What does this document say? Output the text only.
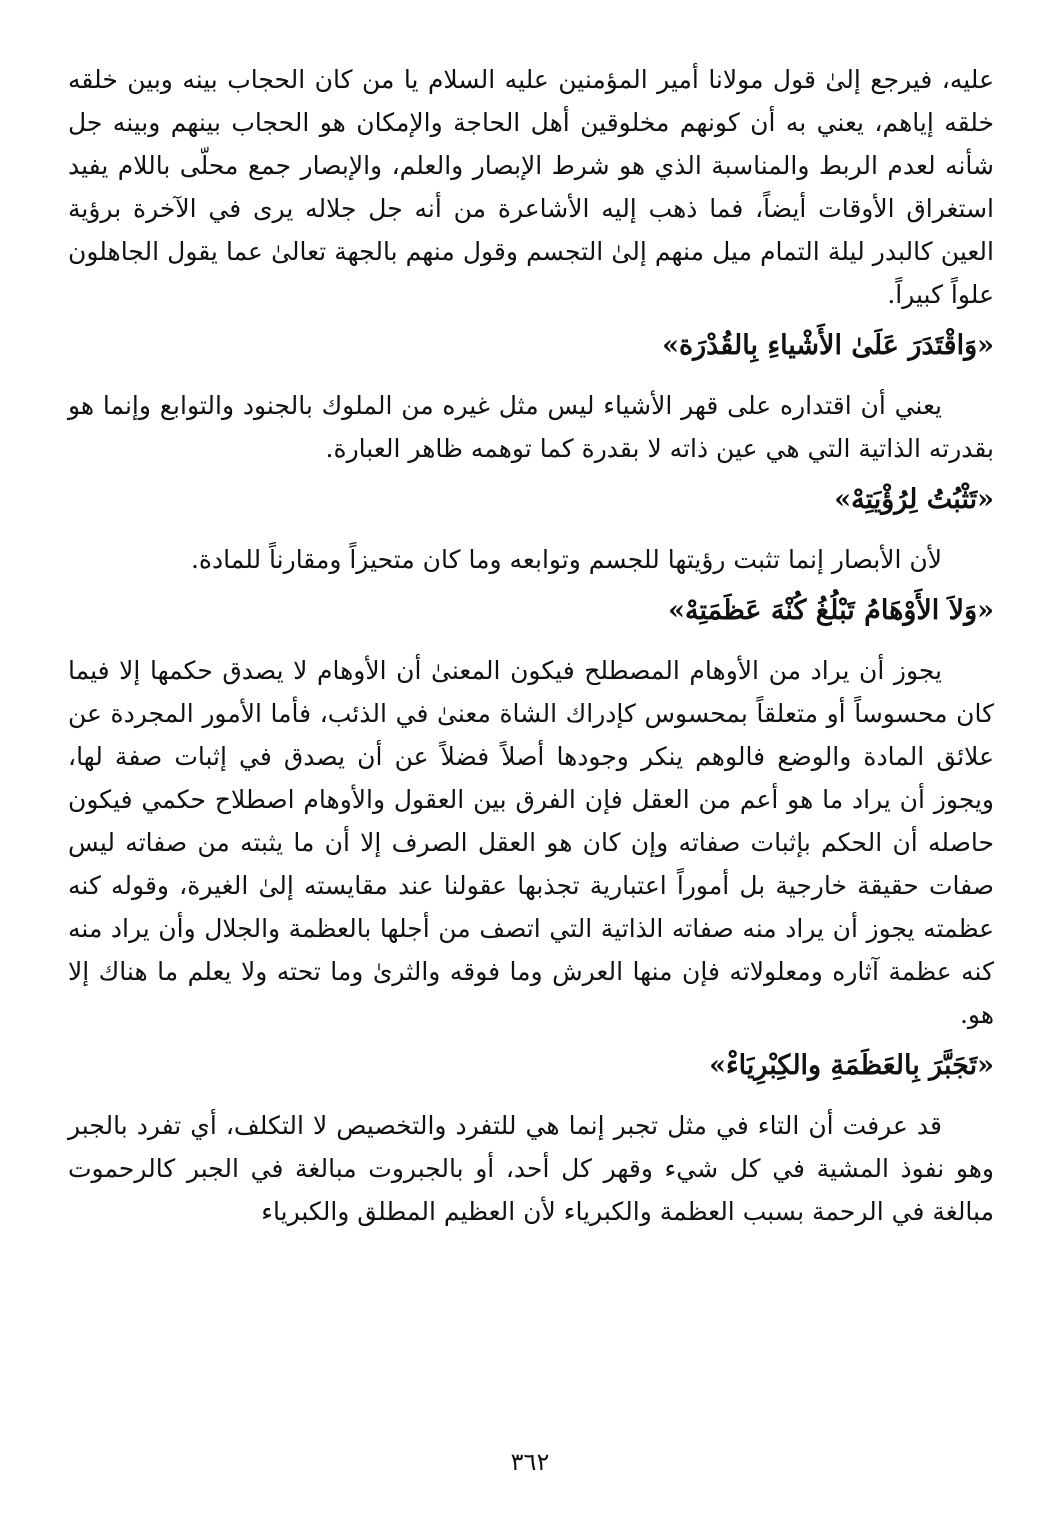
عليه، فيرجع إلىٰ قول مولانا أمير المؤمنين عليه السلام يا من كان الحجاب بينه وبين خلقه خلقه إياهم، يعني به أن كونهم مخلوقين أهل الحاجة والإمكان هو الحجاب بينهم وبينه جل شأنه لعدم الربط والمناسبة الذي هو شرط الإبصار والعلم، والإبصار جمع محلّى باللام يفيد استغراق الأوقات أيضاً، فما ذهب إليه الأشاعرة من أنه جل جلاله يرى في الآخرة برؤية العين كالبدر ليلة التمام ميل منهم إلىٰ التجسم وقول منهم بالجهة تعالىٰ عما يقول الجاهلون علواً كبيراً.

«وَاقْتَدَرَ عَلَىٰ الأَشْياءِ بِالقُدْرَة»

يعني أن اقتداره على قهر الأشياء ليس مثل غيره من الملوك بالجنود والتوابع وإنما هو بقدرته الذاتية التي هي عين ذاته لا بقدرة كما توهمه ظاهر العبارة.

«تَثْبُتُ لِرُؤْيَتِهْ»

لأن الأبصار إنما تثبت رؤيتها للجسم وتوابعه وما كان متحيزاً ومقارناً للمادة.

«وَلاَ الأَوْهَامُ تَبْلُغُ كُنْهَ عَظَمَتِهْ»

يجوز أن يراد من الأوهام المصطلح فيكون المعنىٰ أن الأوهام لا يصدق حكمها إلا فيما كان محسوساً أو متعلقاً بمحسوس كإدراك الشاة معنىٰ في الذئب، فأما الأمور المجردة عن علائق المادة والوضع فالوهم ينكر وجودها أصلاً فضلاً عن أن يصدق في إثبات صفة لها، ويجوز أن يراد ما هو أعم من العقل فإن الفرق بين العقول والأوهام اصطلاح حكمي فيكون حاصله أن الحكم بإثبات صفاته وإن كان هو العقل الصرف إلا أن ما يثبته من صفاته ليس صفات حقيقة خارجية بل أموراً اعتبارية تجذبها عقولنا عند مقايسته إلىٰ الغيرة، وقوله كنه عظمته يجوز أن يراد منه صفاته الذاتية التي اتصف من أجلها بالعظمة والجلال وأن يراد منه كنه عظمة آثاره ومعلولاته فإن منها العرش وما فوقه والثرىٰ وما تحته ولا يعلم ما هناك إلا هو.

«تَجَبَّرَ بِالعَظَمَةِ والكِبْرِيَاءْ»

قد عرفت أن التاء في مثل تجبر إنما هي للتفرد والتخصيص لا التكلف، أي تفرد بالجبر وهو نفوذ المشية في كل شيء وقهر كل أحد، أو بالجبروت مبالغة في الجبر كالرحموت مبالغة في الرحمة بسبب العظمة والكبرياء لأن العظيم المطلق والكبرياء

٣٦٢
